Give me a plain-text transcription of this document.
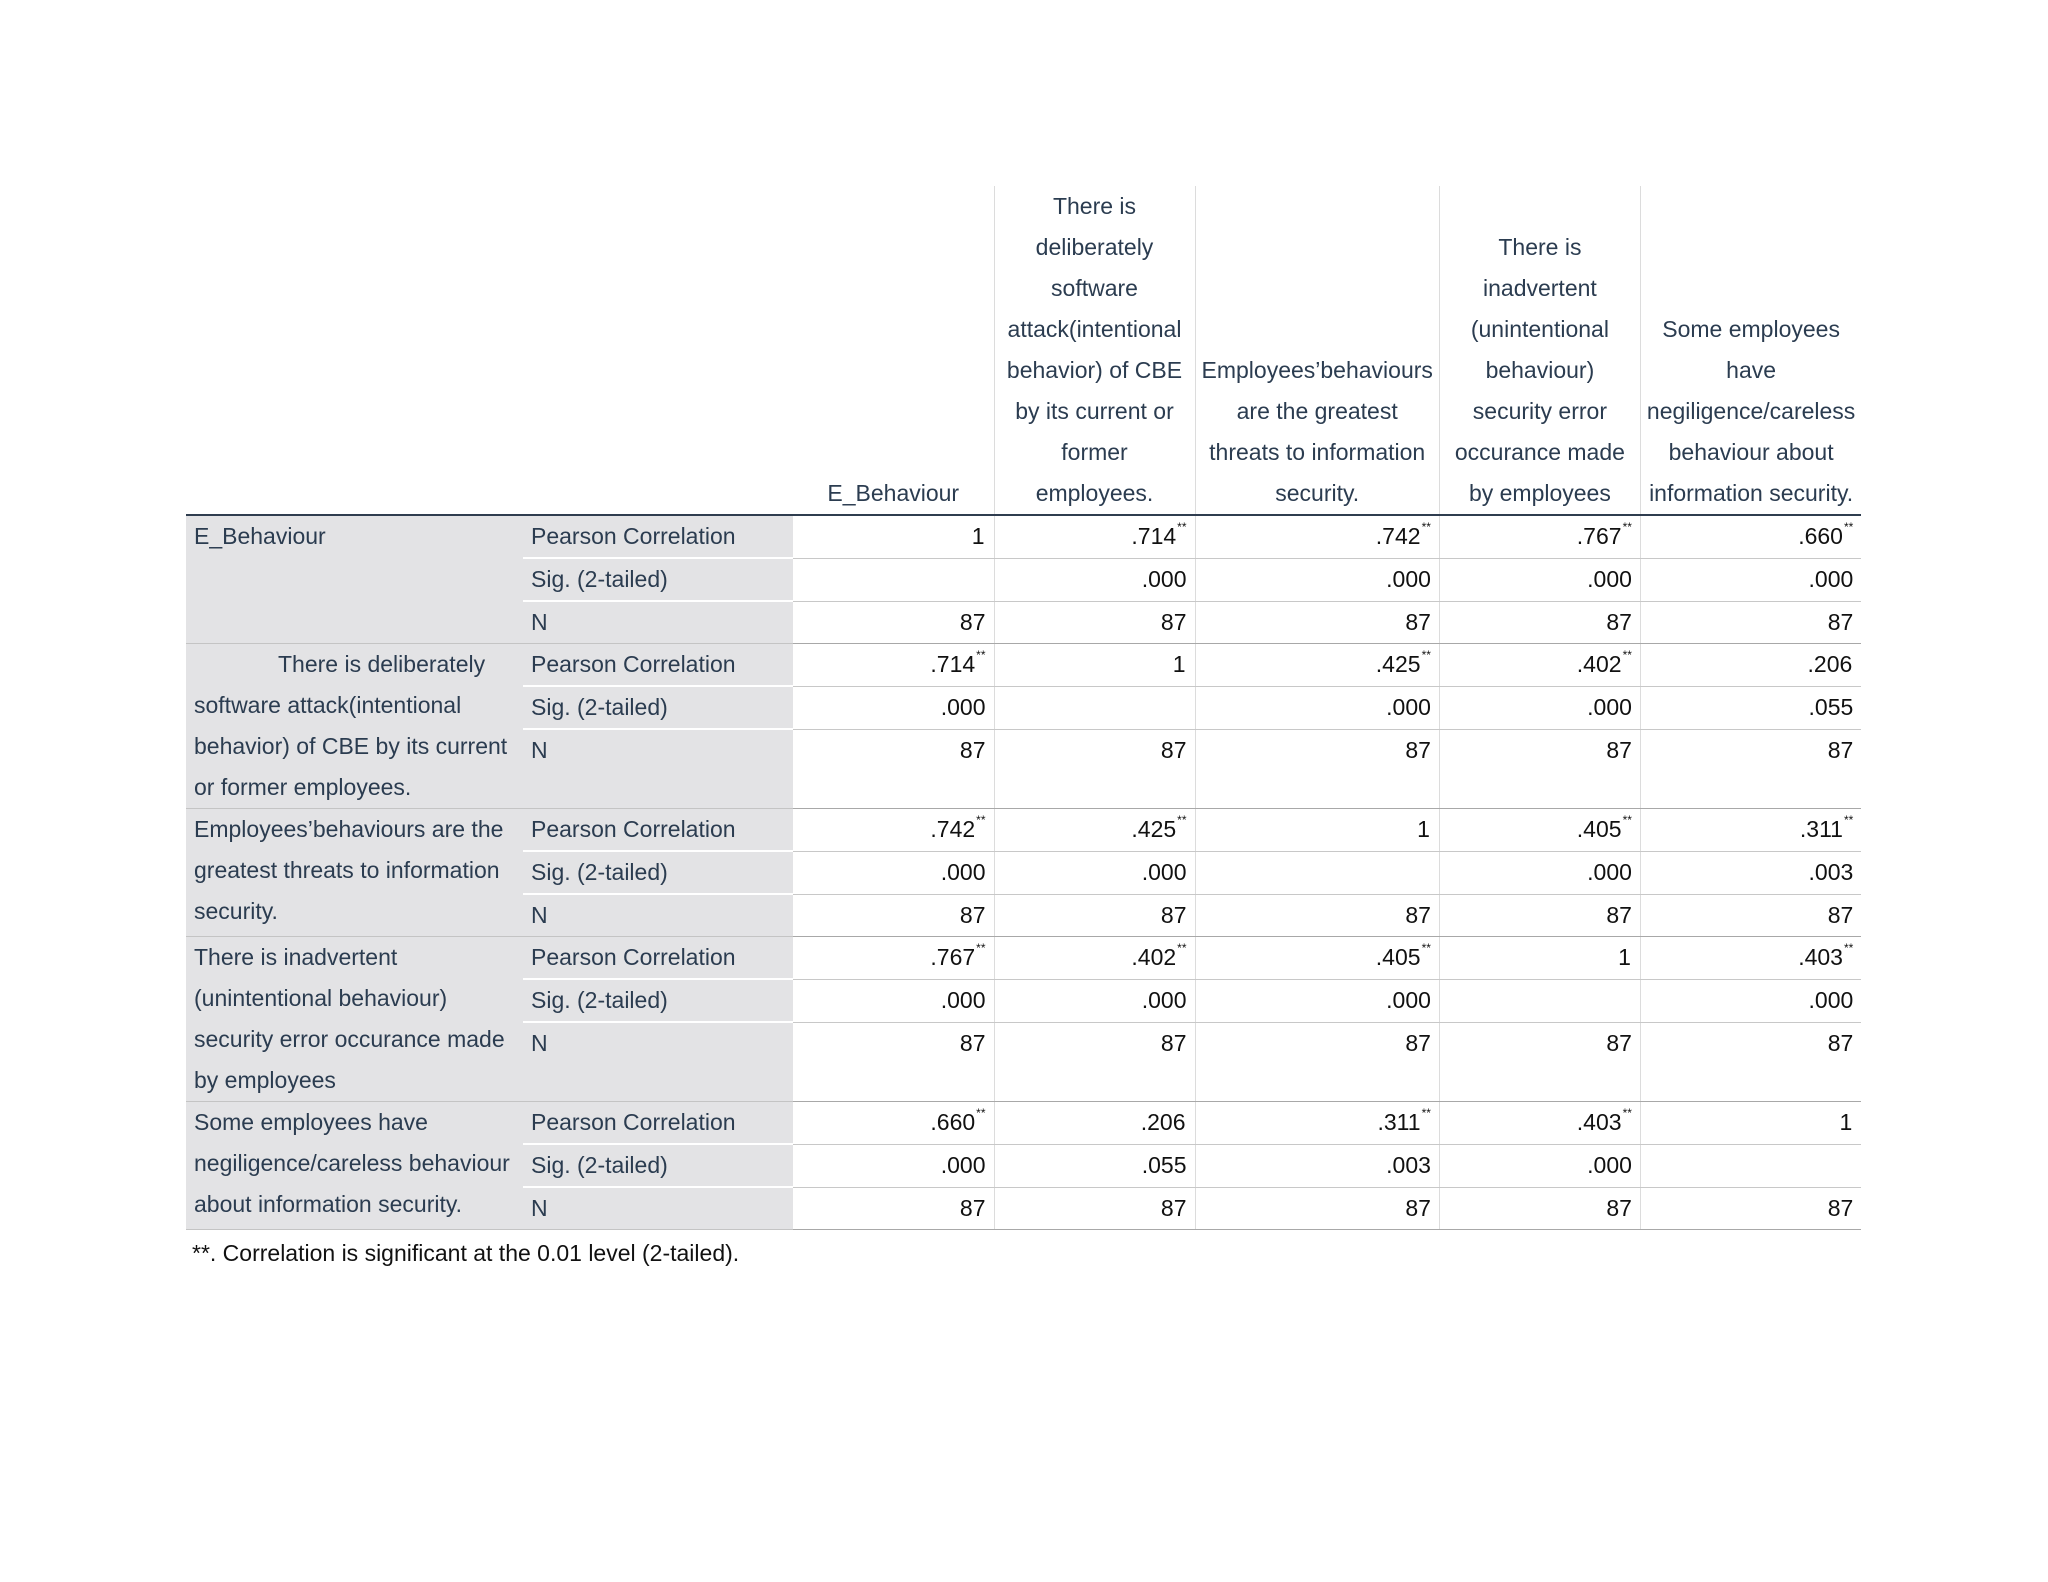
		E_Behaviour	There is deliberately software attack(intentional behavior) of CBE by its current or former employees.	Employees’behaviours are the greatest threats to information security.	There is inadvertent (unintentional behaviour) security error occurance made by employees	Some employees have negiligence/careless behaviour about information security.
E_Behaviour	Pearson Correlation	1	.714**	.742**	.767**	.660**
	Sig. (2-tailed)		.000	.000	.000	.000
	N	87	87	87	87	87
There is deliberately software attack(intentional behavior) of CBE by its current or former employees.	Pearson Correlation	.714**	1	.425**	.402**	.206
	Sig. (2-tailed)	.000		.000	.000	.055
	N	87	87	87	87	87
Employees’behaviours are the greatest threats to information security.	Pearson Correlation	.742**	.425**	1	.405**	.311**
	Sig. (2-tailed)	.000	.000		.000	.003
	N	87	87	87	87	87
There is inadvertent (unintentional behaviour) security error occurance made by employees	Pearson Correlation	.767**	.402**	.405**	1	.403**
	Sig. (2-tailed)	.000	.000	.000		.000
	N	87	87	87	87	87
Some employees have negiligence/careless behaviour about information security.	Pearson Correlation	.660**	.206	.311**	.403**	1
	Sig. (2-tailed)	.000	.055	.003	.000	
	N	87	87	87	87	87
**. Correlation is significant at the 0.01 level (2-tailed).
